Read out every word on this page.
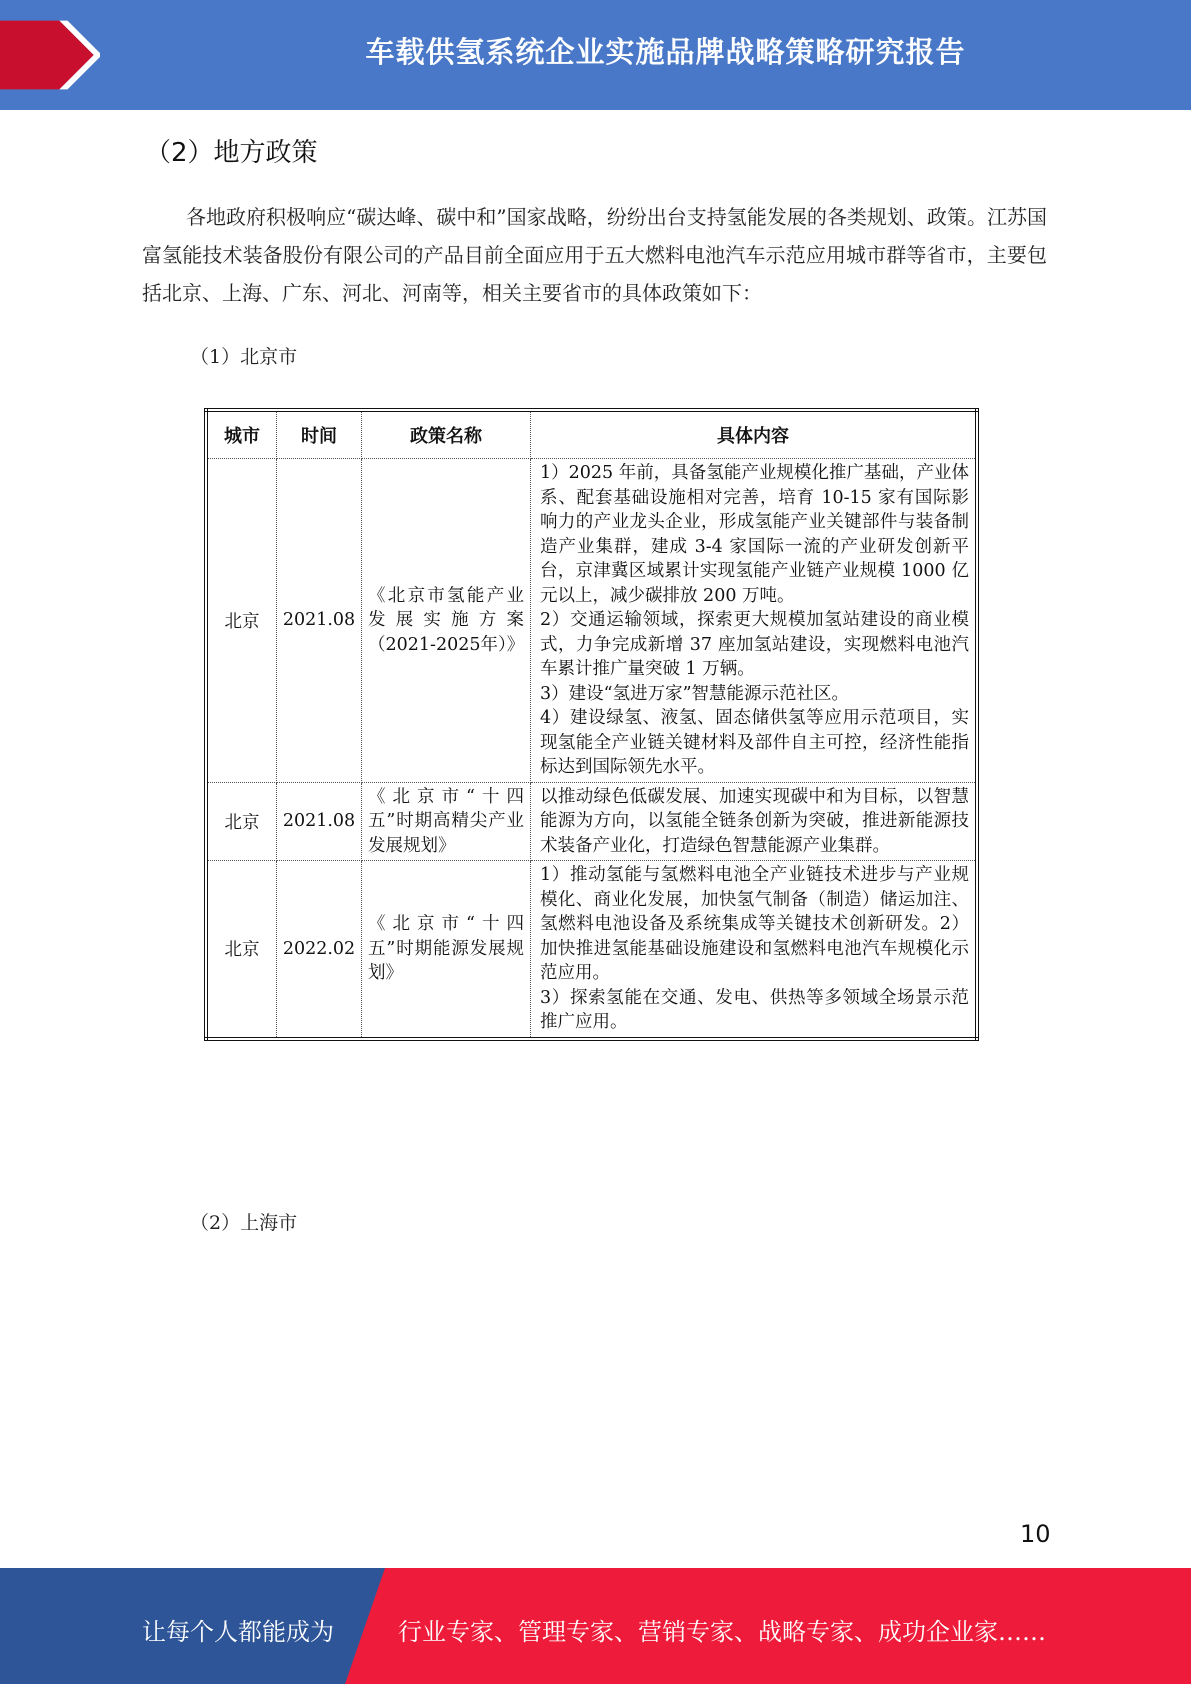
车载供氢系统企业实施品牌战略策略研究报告
（2）地方政策
各地政府积极响应“碳达峰、碳中和”国家战略，纷纷出台支持氢能发展的各类规划、政策。江苏国富氢能技术装备股份有限公司的产品目前全面应用于五大燃料电池汽车示范应用城市群等省市，主要包括北京、上海、广东、河北、河南等，相关主要省市的具体政策如下：
（1）北京市
城市	时间	政策名称	具体内容
北京	2021.08	《北京市氢能产业发展实施方案（2021-2025年）》	1）2025 年前，具备氢能产业规模化推广基础，产业体系、配套基础设施相对完善，培育 10-15 家有国际影响力的产业龙头企业，形成氢能产业关键部件与装备制造产业集群，建成 3-4 家国际一流的产业研发创新平台，京津冀区域累计实现氢能产业链产业规模 1000 亿元以上，减少碳排放 200 万吨。
2）交通运输领域，探索更大规模加氢站建设的商业模式，力争完成新增 37 座加氢站建设，实现燃料电池汽车累计推广量突破 1 万辆。
3）建设“氢进万家”智慧能源示范社区。
4）建设绿氢、液氢、固态储供氢等应用示范项目，实现氢能全产业链关键材料及部件自主可控，经济性能指标达到国际领先水平。

北京	2021.08	《北京市“十四五”时期高精尖产业发展规划》	以推动绿色低碳发展、加速实现碳中和为目标，以智慧能源为方向，以氢能全链条创新为突破，推进新能源技术装备产业化，打造绿色智慧能源产业集群。

北京	2022.02	《北京市“十四五”时期能源发展规划》	1）推动氢能与氢燃料电池全产业链技术进步与产业规模化、商业化发展，加快氢气制备（制造）储运加注、氢燃料电池设备及系统集成等关键技术创新研发。2）加快推进氢能基础设施建设和氢燃料电池汽车规模化示范应用。
3）探索氢能在交通、发电、供热等多领域全场景示范推广应用。
（2）上海市
10
让每个人都能成为	行业专家、管理专家、营销专家、战略专家、成功企业家……
